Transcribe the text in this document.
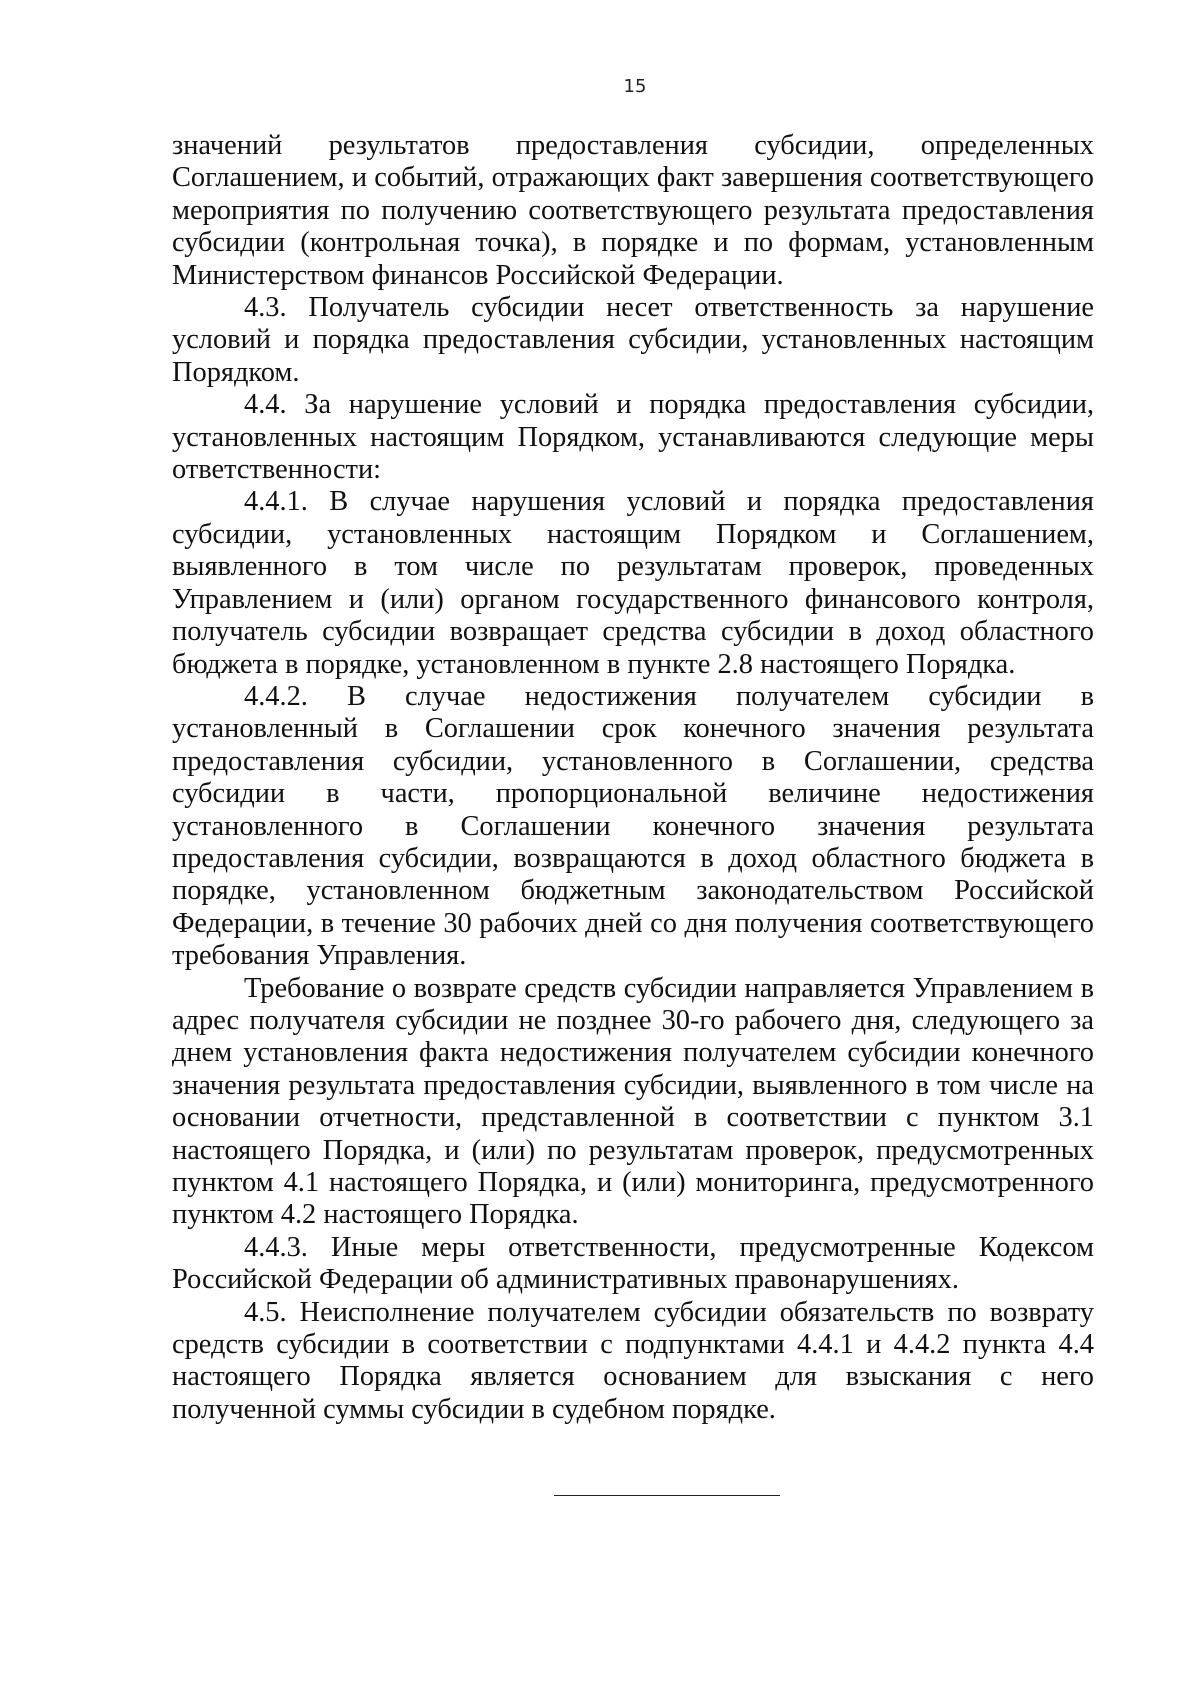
15

значений результатов предоставления субсидии, определенных Соглашением, и событий, отражающих факт завершения соответствующего мероприятия по получению соответствующего результата предоставления субсидии (контрольная точка), в порядке и по формам, установленным Министерством финансов Российской Федерации.

4.3. Получатель субсидии несет ответственность за нарушение условий и порядка предоставления субсидии, установленных настоящим Порядком.

4.4. За нарушение условий и порядка предоставления субсидии, установленных настоящим Порядком, устанавливаются следующие меры ответственности:

4.4.1. В случае нарушения условий и порядка предоставления субсидии, установленных настоящим Порядком и Соглашением, выявленного в том числе по результатам проверок, проведенных Управлением и (или) органом государственного финансового контроля, получатель субсидии возвращает средства субсидии в доход областного бюджета в порядке, установленном в пункте 2.8 настоящего Порядка.

4.4.2. В случае недостижения получателем субсидии в установленный в Соглашении срок конечного значения результата предоставления субсидии, установленного в Соглашении, средства субсидии в части, пропорциональной величине недостижения установленного в Соглашении конечного значения результата предоставления субсидии, возвращаются в доход областного бюджета в порядке, установленном бюджетным законодательством Российской Федерации, в течение 30 рабочих дней со дня получения соответствующего требования Управления.

Требование о возврате средств субсидии направляется Управлением в адрес получателя субсидии не позднее 30-го рабочего дня, следующего за днем установления факта недостижения получателем субсидии конечного значения результата предоставления субсидии, выявленного в том числе на основании отчетности, представленной в соответствии с пунктом 3.1 настоящего Порядка, и (или) по результатам проверок, предусмотренных пунктом 4.1 настоящего Порядка, и (или) мониторинга, предусмотренного пунктом 4.2 настоящего Порядка.

4.4.3. Иные меры ответственности, предусмотренные Кодексом Российской Федерации об административных правонарушениях.

4.5. Неисполнение получателем субсидии обязательств по возврату средств субсидии в соответствии с подпунктами 4.4.1 и 4.4.2 пункта 4.4 настоящего Порядка является основанием для взыскания с него полученной суммы субсидии в судебном порядке.
